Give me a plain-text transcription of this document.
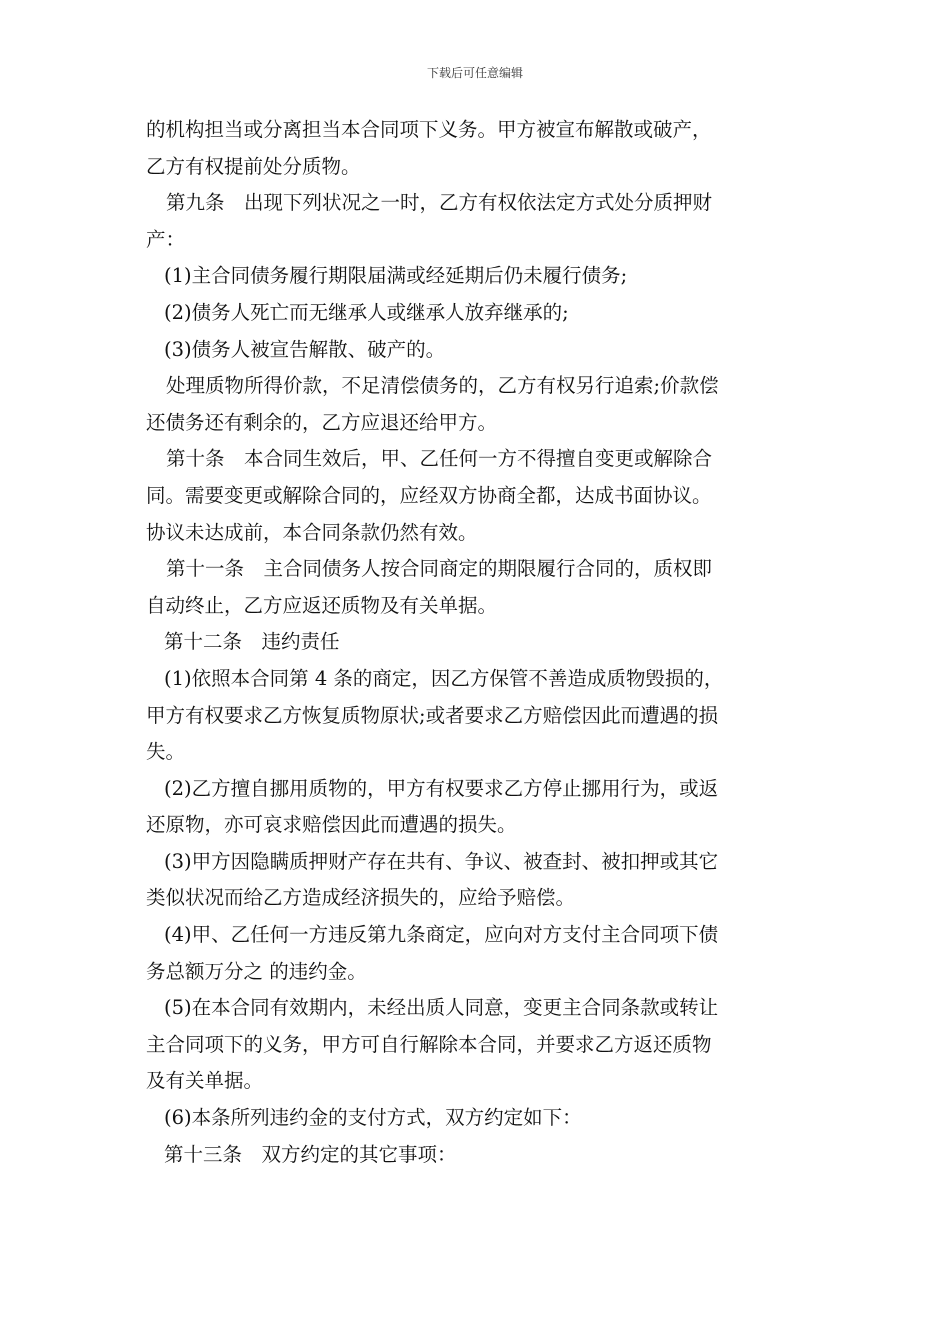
下载后可任意编辑
的机构担当或分离担当本合同项下义务。甲方被宣布解散或破产，
乙方有权提前处分质物。
第九条　出现下列状况之一时，乙方有权依法定方式处分质押财
产：
(1)主合同债务履行期限届满或经延期后仍未履行债务;
(2)债务人死亡而无继承人或继承人放弃继承的;
(3)债务人被宣告解散、破产的。
处理质物所得价款，不足清偿债务的，乙方有权另行追索;价款偿
还债务还有剩余的，乙方应退还给甲方。
第十条　本合同生效后，甲、乙任何一方不得擅自变更或解除合
同。需要变更或解除合同的，应经双方协商全都，达成书面协议。
协议未达成前，本合同条款仍然有效。
第十一条　主合同债务人按合同商定的期限履行合同的，质权即
自动终止，乙方应返还质物及有关单据。
第十二条　违约责任
(1)依照本合同第 4 条的商定，因乙方保管不善造成质物毁损的，
甲方有权要求乙方恢复质物原状;或者要求乙方赔偿因此而遭遇的损
失。
(2)乙方擅自挪用质物的，甲方有权要求乙方停止挪用行为，或返
还原物，亦可哀求赔偿因此而遭遇的损失。
(3)甲方因隐瞒质押财产存在共有、争议、被查封、被扣押或其它
类似状况而给乙方造成经济损失的，应给予赔偿。
(4)甲、乙任何一方违反第九条商定，应向对方支付主合同项下债
务总额万分之 的违约金。
(5)在本合同有效期内，未经出质人同意，变更主合同条款或转让
主合同项下的义务，甲方可自行解除本合同，并要求乙方返还质物
及有关单据。
(6)本条所列违约金的支付方式，双方约定如下：
第十三条　双方约定的其它事项：
